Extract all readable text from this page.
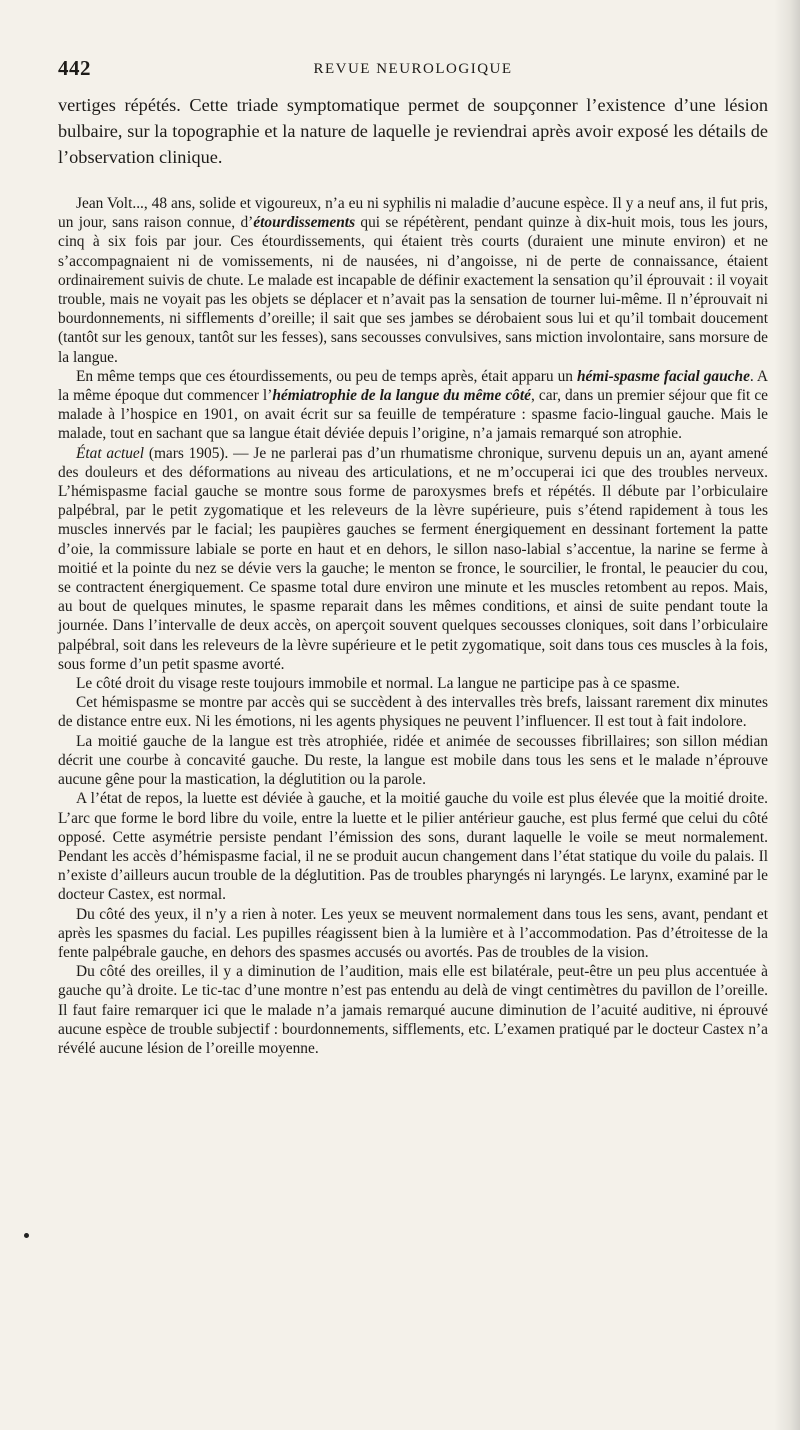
442	REVUE NEUROLOGIQUE

vertiges répétés. Cette triade symptomatique permet de soupçonner l’existence d’une lésion bulbaire, sur la topographie et la nature de laquelle je reviendrai après avoir exposé les détails de l’observation clinique.

Jean Volt..., 48 ans, solide et vigoureux, n’a eu ni syphilis ni maladie d’aucune espèce. Il y a neuf ans, il fut pris, un jour, sans raison connue, d’étourdissements qui se répétèrent, pendant quinze à dix-huit mois, tous les jours, cinq à six fois par jour. Ces étourdissements, qui étaient très courts (duraient une minute environ) et ne s’accompagnaient ni de vomissements, ni de nausées, ni d’angoisse, ni de perte de connaissance, étaient ordinairement suivis de chute. Le malade est incapable de définir exactement la sensation qu’il éprouvait : il voyait trouble, mais ne voyait pas les objets se déplacer et n’avait pas la sensation de tourner lui-même. Il n’éprouvait ni bourdonnements, ni sifflements d’oreille; il sait que ses jambes se dérobaient sous lui et qu’il tombait doucement (tantôt sur les genoux, tantôt sur les fesses), sans secousses convulsives, sans miction involontaire, sans morsure de la langue.

En même temps que ces étourdissements, ou peu de temps après, était apparu un hémi-spasme facial gauche. A la même époque dut commencer l’hémiatrophie de la langue du même côté, car, dans un premier séjour que fit ce malade à l’hospice en 1901, on avait écrit sur sa feuille de température : spasme facio-lingual gauche. Mais le malade, tout en sachant que sa langue était déviée depuis l’origine, n’a jamais remarqué son atrophie.

État actuel (mars 1905). — Je ne parlerai pas d’un rhumatisme chronique, survenu depuis un an, ayant amené des douleurs et des déformations au niveau des articulations, et ne m’occuperai ici que des troubles nerveux. L’hémispasme facial gauche se montre sous forme de paroxysmes brefs et répétés. Il débute par l’orbiculaire palpébral, par le petit zygomatique et les releveurs de la lèvre supérieure, puis s’étend rapidement à tous les muscles innervés par le facial; les paupières gauches se ferment énergiquement en dessinant fortement la patte d’oie, la commissure labiale se porte en haut et en dehors, le sillon naso-labial s’accentue, la narine se ferme à moitié et la pointe du nez se dévie vers la gauche; le menton se fronce, le sourcilier, le frontal, le peaucier du cou, se contractent énergiquement. Ce spasme total dure environ une minute et les muscles retombent au repos. Mais, au bout de quelques minutes, le spasme reparait dans les mêmes conditions, et ainsi de suite pendant toute la journée. Dans l’intervalle de deux accès, on aperçoit souvent quelques secousses cloniques, soit dans l’orbiculaire palpébral, soit dans les releveurs de la lèvre supérieure et le petit zygomatique, soit dans tous ces muscles à la fois, sous forme d’un petit spasme avorté.

Le côté droit du visage reste toujours immobile et normal. La langue ne participe pas à ce spasme.

Cet hémispasme se montre par accès qui se succèdent à des intervalles très brefs, laissant rarement dix minutes de distance entre eux. Ni les émotions, ni les agents physiques ne peuvent l’influencer. Il est tout à fait indolore.

La moitié gauche de la langue est très atrophiée, ridée et animée de secousses fibrillaires; son sillon médian décrit une courbe à concavité gauche. Du reste, la langue est mobile dans tous les sens et le malade n’éprouve aucune gêne pour la mastication, la déglutition ou la parole.

A l’état de repos, la luette est déviée à gauche, et la moitié gauche du voile est plus élevée que la moitié droite. L’arc que forme le bord libre du voile, entre la luette et le pilier antérieur gauche, est plus fermé que celui du côté opposé. Cette asymétrie persiste pendant l’émission des sons, durant laquelle le voile se meut normalement. Pendant les accès d’hémispasme facial, il ne se produit aucun changement dans l’état statique du voile du palais. Il n’existe d’ailleurs aucun trouble de la déglutition. Pas de troubles pharyngés ni laryngés. Le larynx, examiné par le docteur Castex, est normal.

Du côté des yeux, il n’y a rien à noter. Les yeux se meuvent normalement dans tous les sens, avant, pendant et après les spasmes du facial. Les pupilles réagissent bien à la lumière et à l’accommodation. Pas d’étroitesse de la fente palpébrale gauche, en dehors des spasmes accusés ou avortés. Pas de troubles de la vision.

Du côté des oreilles, il y a diminution de l’audition, mais elle est bilatérale, peut-être un peu plus accentuée à gauche qu’à droite. Le tic-tac d’une montre n’est pas entendu au delà de vingt centimètres du pavillon de l’oreille. Il faut faire remarquer ici que le malade n’a jamais remarqué aucune diminution de l’acuité auditive, ni éprouvé aucune espèce de trouble subjectif : bourdonnements, sifflements, etc. L’examen pratiqué par le docteur Castex n’a révélé aucune lésion de l’oreille moyenne.
